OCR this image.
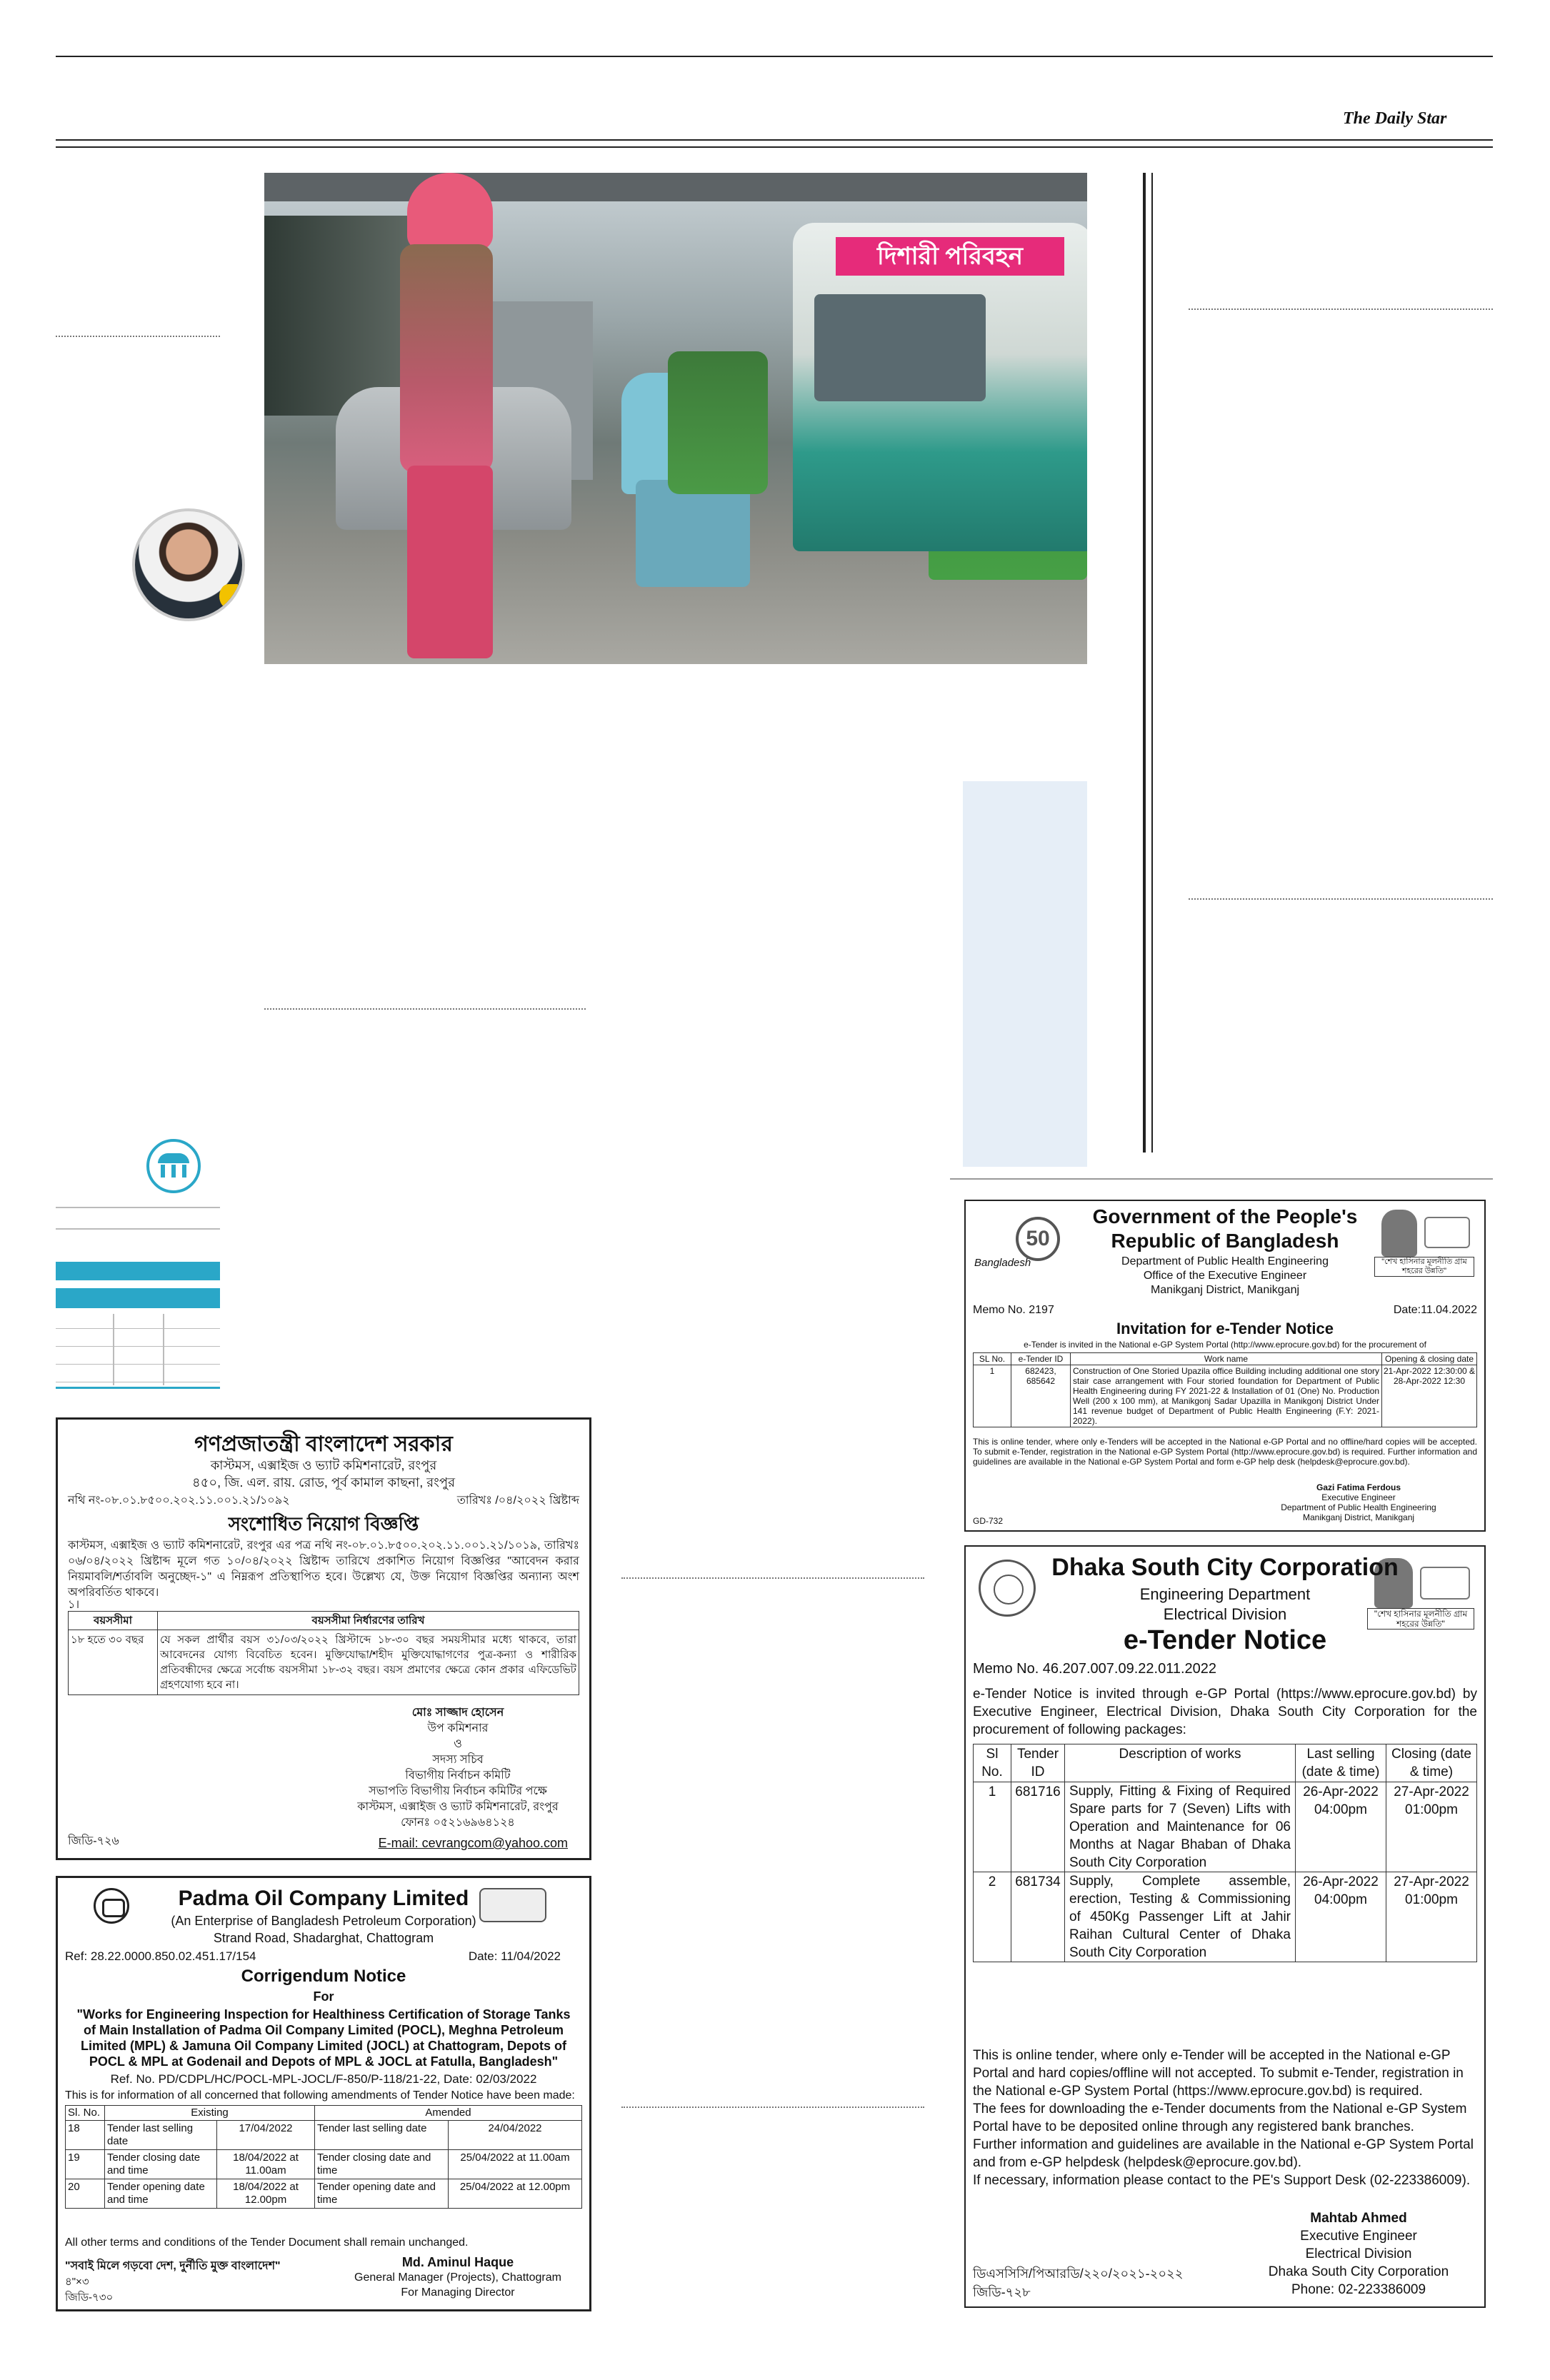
The Daily Star
দিশারী পরিবহন
গণপ্রজাতন্ত্রী বাংলাদেশ সরকার
কাস্টমস, এক্সাইজ ও ভ্যাট কমিশনারেট, রংপুর
৪৫০, জি. এল. রায়. রোড, পূর্ব কামাল কাছনা, রংপুর
নথি নং-০৮.০১.৮৫০০.২০২.১১.০০১.২১/১০৯২	তারিখঃ /০৪/২০২২ খ্রিষ্টাব্দ
সংশোধিত নিয়োগ বিজ্ঞপ্তি
কাস্টমস, এক্সাইজ ও ভ্যাট কমিশনারেট, রংপুর এর পত্র নথি নং-০৮.০১.৮৫০০.২০২.১১.০০১.২১/১০১৯, তারিখঃ ০৬/০৪/২০২২ খ্রিষ্টাব্দ মূলে গত ১০/০৪/২০২২ খ্রিষ্টাব্দ তারিখে প্রকাশিত নিয়োগ বিজ্ঞপ্তির "আবেদন করার নিয়মাবলি/শর্তাবলি অনুচ্ছেদ-১" এ নিম্নরূপ প্রতিস্থাপিত হবে। উল্লেখ্য যে, উক্ত নিয়োগ বিজ্ঞপ্তির অন্যান্য অংশ অপরিবর্তিত থাকবে।
১।
বয়সসীমা	বয়সসীমা নির্ধারণের তারিখ
১৮ হতে ৩০ বছর	যে সকল প্রার্থীর বয়স ৩১/০৩/২০২২ খ্রিস্টাব্দে ১৮-৩০ বছর সময়সীমার মধ্যে থাকবে, তারা আবেদনের যোগ্য বিবেচিত হবেন। মুক্তিযোদ্ধা/শহীদ মুক্তিযোদ্ধাগণের পুত্র-কন্যা ও শারীরিক প্রতিবন্ধীদের ক্ষেত্রে সর্বোচ্চ বয়সসীমা ১৮-৩২ বছর। বয়স প্রমাণের ক্ষেত্রে কোন প্রকার এফিডেভিট গ্রহণযোগ্য হবে না।
মোঃ সাজ্জাদ হোসেন
উপ কমিশনার
ও
সদস্য সচিব
বিভাগীয় নির্বাচন কমিটি
সভাপতি বিভাগীয় নির্বাচন কমিটির পক্ষে
কাস্টমস, এক্সাইজ ও ভ্যাট কমিশনারেট, রংপুর
ফোনঃ ০৫২১৬৯৬৪১২৪
জিডি-৭২৬	E-mail: cevrangcom@yahoo.com
Padma Oil Company Limited
(An Enterprise of Bangladesh Petroleum Corporation)
Strand Road, Shadarghat, Chattogram
Ref: 28.22.0000.850.02.451.17/154	Date: 11/04/2022
Corrigendum Notice
For
"Works for Engineering Inspection for Healthiness Certification of Storage Tanks of Main Installation of Padma Oil Company Limited (POCL), Meghna Petroleum Limited (MPL) & Jamuna Oil Company Limited (JOCL) at Chattogram, Depots of POCL & MPL at Godenail and Depots of MPL & JOCL at Fatulla, Bangladesh"
Ref. No. PD/CDPL/HC/POCL-MPL-JOCL/F-850/P-118/21-22, Date: 02/03/2022
This is for information of all concerned that following amendments of Tender Notice have been made:
Sl. No.	Existing		Amended	
18	Tender last selling date	17/04/2022	Tender last selling date	24/04/2022
19	Tender closing date and time	18/04/2022 at 11.00am	Tender closing date and time	25/04/2022 at 11.00am
20	Tender opening date and time	18/04/2022 at 12.00pm	Tender opening date and time	25/04/2022 at 12.00pm
All other terms and conditions of the Tender Document shall remain unchanged.
"সবাই মিলে গড়বো দেশ, দুর্নীতি মুক্ত বাংলাদেশ"
৪"×৩
জিডি-৭৩০
Md. Aminul Haque
General Manager (Projects), Chattogram
For Managing Director
50
Bangladesh	"শেখ হাসিনার মূলনীতি গ্রাম শহরের উন্নতি"
Government of the People's
Republic of Bangladesh
Department of Public Health Engineering
Office of the Executive Engineer
Manikganj District, Manikganj
Memo No. 2197	Date:11.04.2022
Invitation for e-Tender Notice
e-Tender is invited in the National e-GP System Portal (http://www.eprocure.gov.bd) for the procurement of
SL No.	e-Tender ID	Work name	Opening & closing date
1	682423, 685642	Construction of One Storied Upazila office Building including additional one story stair case arrangement with Four storied foundation for Department of Public Health Engineering during FY 2021-22 & Installation of 01 (One) No. Production Well (200 x 100 mm), at Manikgonj Sadar Upazilla in Manikgonj District Under 141 revenue budget of Department of Public Health Engineering (F.Y: 2021-2022).	21-Apr-2022 12:30:00 & 28-Apr-2022 12:30
This is online tender, where only e-Tenders will be accepted in the National e-GP Portal and no offline/hard copies will be accepted. To submit e-Tender, registration in the National e-GP System Portal (http://www.eprocure.gov.bd) is required. Further information and guidelines are available in the National e-GP System Portal and form e-GP help desk (helpdesk@eprocure.gov.bd).
Gazi Fatima Ferdous
Executive Engineer
Department of Public Health Engineering
Manikganj District, Manikganj
GD-732
"শেখ হাসিনার মূলনীতি গ্রাম শহরের উন্নতি"
Dhaka South City Corporation
Engineering Department
Electrical Division
e-Tender Notice
Memo No. 46.207.007.09.22.011.2022
e-Tender Notice is invited through e-GP Portal (https://www.eprocure.gov.bd) by Executive Engineer, Electrical Division, Dhaka South City Corporation for the procurement of following packages:
Sl No.	Tender ID	Description of works	Last selling (date & time)	Closing (date & time)
1	681716	Supply, Fitting & Fixing of Required Spare parts for 7 (Seven) Lifts with Operation and Maintenance for 06 Months at Nagar Bhaban of Dhaka South City Corporation	26-Apr-2022 04:00pm	27-Apr-2022 01:00pm
2	681734	Supply, Complete assemble, erection, Testing & Commissioning of 450Kg Passenger Lift at Jahir Raihan Cultural Center of Dhaka South City Corporation	26-Apr-2022 04:00pm	27-Apr-2022 01:00pm
This is online tender, where only e-Tender will be accepted in the National e-GP Portal and hard copies/offline will not accepted. To submit e-Tender, registration in the National e-GP System Portal (https://www.eprocure.gov.bd) is required.
The fees for downloading the e-Tender documents from the National e-GP System Portal have to be deposited online through any registered bank branches.
Further information and guidelines are available in the National e-GP System Portal and from e-GP helpdesk (helpdesk@eprocure.gov.bd).
If necessary, information please contact to the PE's Support Desk (02-223386009).
Mahtab Ahmed
Executive Engineer
Electrical Division
Dhaka South City Corporation
Phone: 02-223386009
ডিএসসিসি/পিআরডি/২২০/২০২১-২০২২
জিডি-৭২৮
